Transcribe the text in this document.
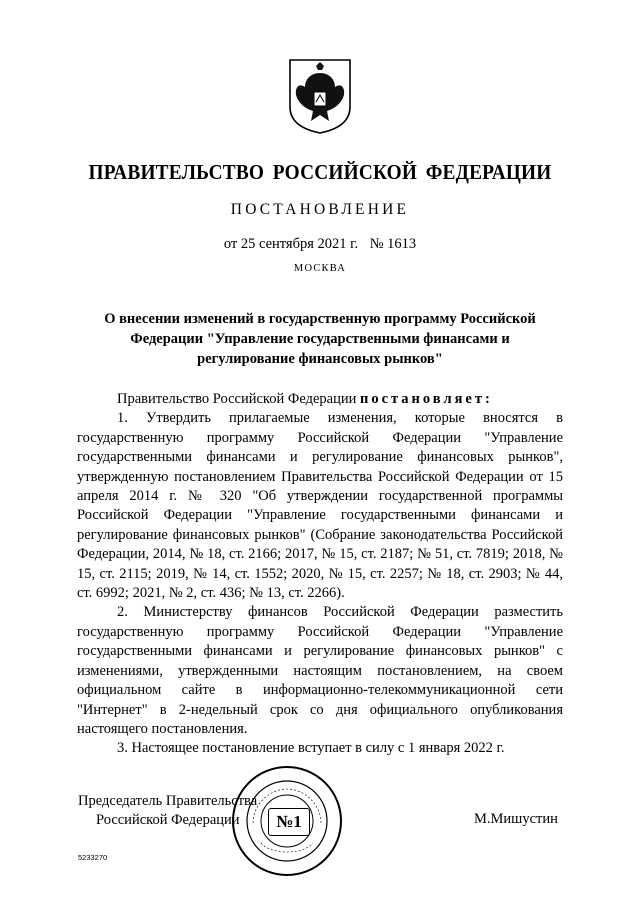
ПРАВИТЕЛЬСТВО РОССИЙСКОЙ ФЕДЕРАЦИИ
ПОСТАНОВЛЕНИЕ
от 25 сентября 2021 г. № 1613
МОСКВА
О внесении изменений в государственную программу Российской
Федерации "Управление государственными финансами и
регулирование финансовых рынков"

Правительство Российской Федерации постановляет:

1. Утвердить прилагаемые изменения, которые вносятся в государственную программу Российской Федерации "Управление государственными финансами и регулирование финансовых рынков", утвержденную постановлением Правительства Российской Федерации от 15 апреля 2014 г. № 320 "Об утверждении государственной программы Российской Федерации "Управление государственными финансами и регулирование финансовых рынков" (Собрание законодательства Российской Федерации, 2014, № 18, ст. 2166; 2017, № 15, ст. 2187; № 51, ст. 7819; 2018, № 15, ст. 2115; 2019, № 14, ст. 1552; 2020, № 15, ст. 2257; № 18, ст. 2903; № 44, ст. 6992; 2021, № 2, ст. 436; № 13, ст. 2266).

2. Министерству финансов Российской Федерации разместить государственную программу Российской Федерации "Управление государственными финансами и регулирование финансовых рынков" с изменениями, утвержденными настоящим постановлением, на своем официальном сайте в информационно-телекоммуникационной сети "Интернет" в 2-недельный срок со дня официального опубликования настоящего постановления.

3. Настоящее постановление вступает в силу с 1 января 2022 г.

Председатель Правительства
Российской Федерации	№1	М.Мишустин
5233270
